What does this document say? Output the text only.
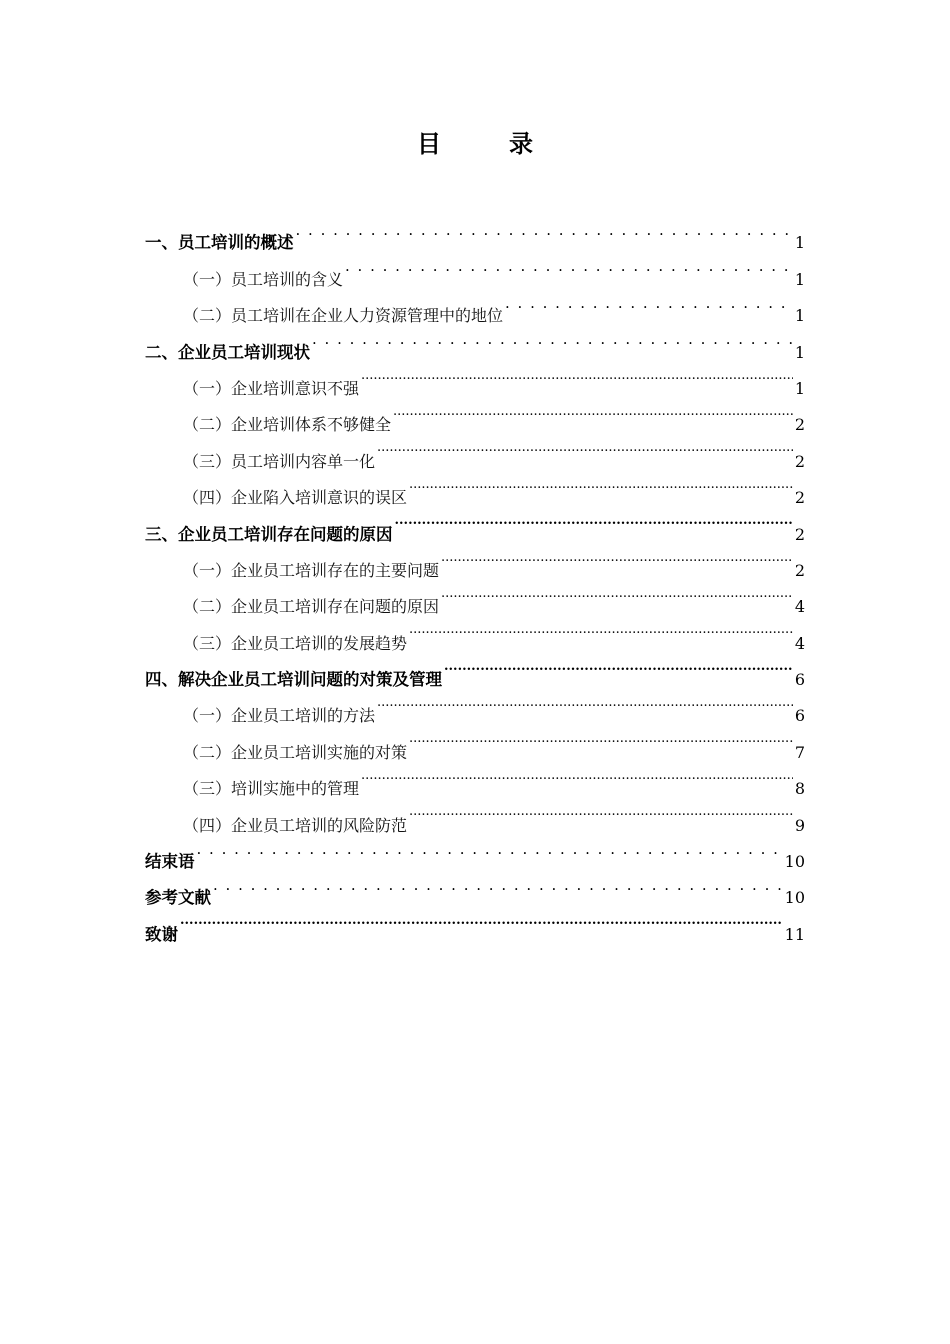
目　录
一、员工培训的概述 . . .	1
（一）员工培训的含义 . . .	1
（二）员工培训在企业人力资源管理中的地位 . . .	1
二、企业员工培训现状 . . .	1
（一）企业培训意识不强 .....	1
（二）企业培训体系不够健全 .....	2
（三）员工培训内容单一化 .....	2
（四）企业陷入培训意识的误区 .....	2
三、企业员工培训存在问题的原因 .....	2
（一）企业员工培训存在的主要问题 .....	2
（二）企业员工培训存在问题的原因 .....	4
（三）企业员工培训的发展趋势 .....	4
四、解决企业员工培训问题的对策及管理 .....	6
（一）企业员工培训的方法 .....	6
（二）企业员工培训实施的对策 .....	7
（三）培训实施中的管理 .....	8
（四）企业员工培训的风险防范 .....	9
结束语 . . .	10
参考文献 . . .	10
致谢 .....	11
